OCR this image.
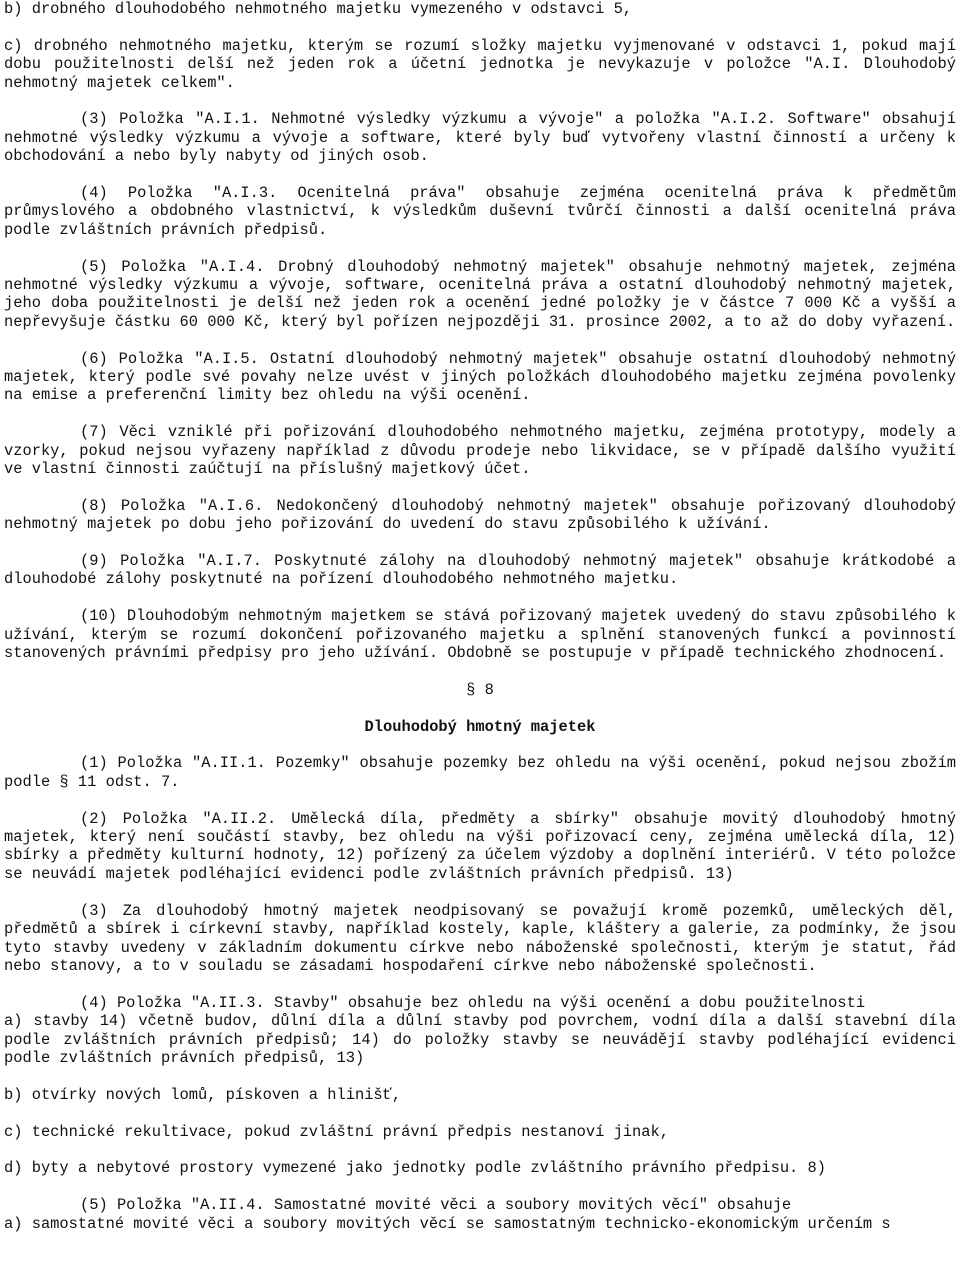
b) drobného dlouhodobého nehmotného majetku vymezeného v odstavci 5,

c) drobného nehmotného majetku, kterým se rozumí složky majetku vyjmenované v odstavci 1, pokud mají dobu použitelnosti delší než jeden rok a účetní jednotka je nevykazuje v položce "A.I. Dlouhodobý nehmotný majetek celkem".

(3) Položka "A.I.1. Nehmotné výsledky výzkumu a vývoje" a položka "A.I.2. Software" obsahují nehmotné výsledky výzkumu a vývoje a software, které byly buď vytvořeny vlastní činností a určeny k obchodování a nebo byly nabyty od jiných osob.

(4) Položka "A.I.3. Ocenitelná práva" obsahuje zejména ocenitelná práva k předmětům průmyslového a obdobného vlastnictví, k výsledkům duševní tvůrčí činnosti a další ocenitelná práva podle zvláštních právních předpisů.

(5) Položka "A.I.4. Drobný dlouhodobý nehmotný majetek" obsahuje nehmotný majetek, zejména nehmotné výsledky výzkumu a vývoje, software, ocenitelná práva a ostatní dlouhodobý nehmotný majetek, jeho doba použitelnosti je delší než jeden rok a ocenění jedné položky je v částce 7 000 Kč a vyšší a nepřevyšuje částku 60 000 Kč, který byl pořízen nejpozději 31. prosince 2002, a to až do doby vyřazení.

(6) Položka "A.I.5. Ostatní dlouhodobý nehmotný majetek" obsahuje ostatní dlouhodobý nehmotný majetek, který podle své povahy nelze uvést v jiných položkách dlouhodobého majetku zejména povolenky na emise a preferenční limity bez ohledu na výši ocenění.

(7) Věci vzniklé při pořizování dlouhodobého nehmotného majetku, zejména prototypy, modely a vzorky, pokud nejsou vyřazeny například z důvodu prodeje nebo likvidace, se v případě dalšího využití ve vlastní činnosti zaúčtují na příslušný majetkový účet.

(8) Položka "A.I.6. Nedokončený dlouhodobý nehmotný majetek" obsahuje pořizovaný dlouhodobý nehmotný majetek po dobu jeho pořizování do uvedení do stavu způsobilého k užívání.

(9) Položka "A.I.7. Poskytnuté zálohy na dlouhodobý nehmotný majetek" obsahuje krátkodobé a dlouhodobé zálohy poskytnuté na pořízení dlouhodobého nehmotného majetku.

(10) Dlouhodobým nehmotným majetkem se stává pořizovaný majetek uvedený do stavu způsobilého k užívání, kterým se rozumí dokončení pořizovaného majetku a splnění stanovených funkcí a povinností stanovených právními předpisy pro jeho užívání. Obdobně se postupuje v případě technického zhodnocení.

§ 8

Dlouhodobý hmotný majetek

(1) Položka "A.II.1. Pozemky" obsahuje pozemky bez ohledu na výši ocenění, pokud nejsou zbožím podle § 11 odst. 7.

(2) Položka "A.II.2. Umělecká díla, předměty a sbírky" obsahuje movitý dlouhodobý hmotný majetek, který není součástí stavby, bez ohledu na výši pořizovací ceny, zejména umělecká díla, 12) sbírky a předměty kulturní hodnoty, 12) pořízený za účelem výzdoby a doplnění interiérů. V této položce se neuvádí majetek podléhající evidenci podle zvláštních právních předpisů. 13)

(3) Za dlouhodobý hmotný majetek neodpisovaný se považují kromě pozemků, uměleckých děl, předmětů a sbírek i církevní stavby, například kostely, kaple, kláštery a galerie, za podmínky, že jsou tyto stavby uvedeny v základním dokumentu církve nebo náboženské společnosti, kterým je statut, řád nebo stanovy, a to v souladu se zásadami hospodaření církve nebo náboženské společnosti.

(4) Položka "A.II.3. Stavby" obsahuje bez ohledu na výši ocenění a dobu použitelnosti

a) stavby 14) včetně budov, důlní díla a důlní stavby pod povrchem, vodní díla a další stavební díla podle zvláštních právních předpisů; 14) do položky stavby se neuvádějí stavby podléhající evidenci podle zvláštních právních předpisů, 13)

b) otvírky nových lomů, pískoven a hlinišť,

c) technické rekultivace, pokud zvláštní právní předpis nestanoví jinak,

d) byty a nebytové prostory vymezené jako jednotky podle zvláštního právního předpisu. 8)

(5) Položka "A.II.4. Samostatné movité věci a soubory movitých věcí" obsahuje

a) samostatné movité věci a soubory movitých věcí se samostatným technicko-ekonomickým určením s
